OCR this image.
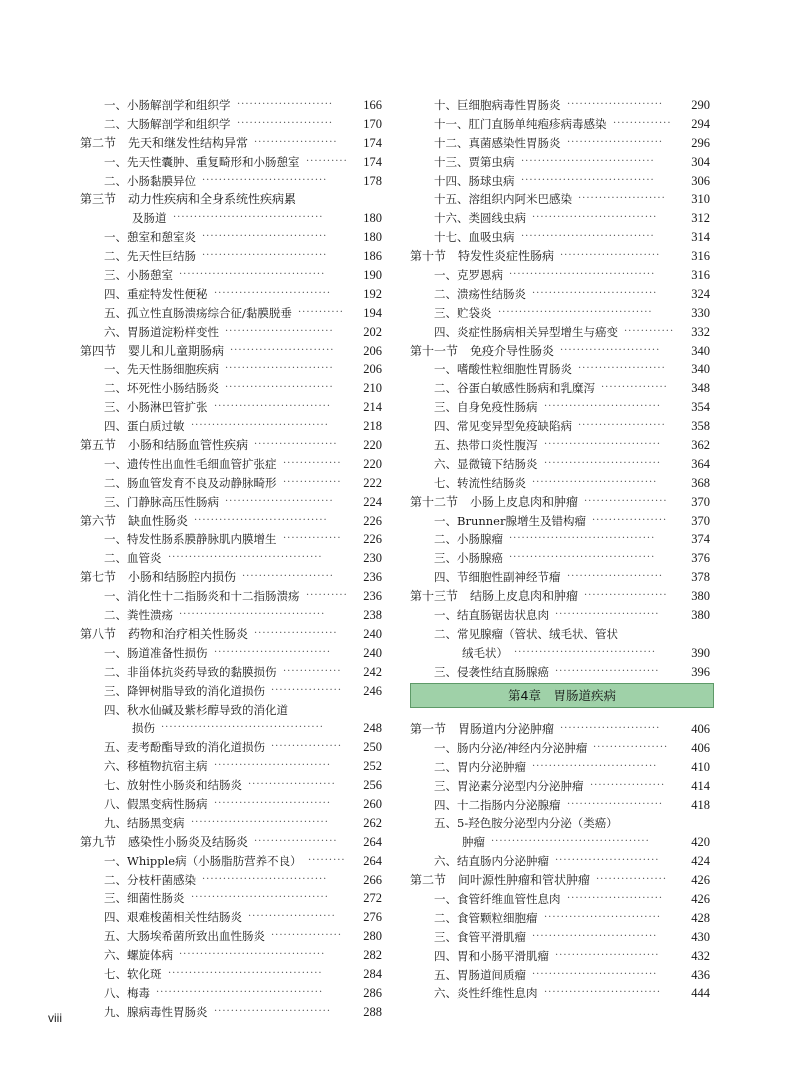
一、小肠解剖学和组织学	166
·······················
二、大肠解剖学和组织学	170
·······················
第二节　先天和继发性结构异常	174
····················
一、先天性囊肿、重复畸形和小肠憩室	174
··········
二、小肠黏膜异位	178
······························
第三节　动力性疾病和全身系统性疾病累
及肠道	180
····································
一、憩室和憩室炎	180
······························
二、先天性巨结肠	186
······························
三、小肠憩室	190
···································
四、重症特发性便秘	192
····························
五、孤立性直肠溃疡综合征/黏膜脱垂	194
···········
六、胃肠道淀粉样变性	202
··························
第四节　婴儿和儿童期肠病	206
·························
一、先天性肠细胞疾病	206
··························
二、坏死性小肠结肠炎	210
··························
三、小肠淋巴管扩张	214
····························
四、蛋白质过敏	218
·································
第五节　小肠和结肠血管性疾病	220
····················
一、遗传性出血性毛细血管扩张症	220
··············
二、肠血管发育不良及动静脉畸形	222
··············
三、门静脉高压性肠病	224
··························
第六节　缺血性肠炎	226
································
一、特发性肠系膜静脉肌内膜增生	226
··············
二、血管炎	230
·····································
第七节　小肠和结肠腔内损伤	236
······················
一、消化性十二指肠炎和十二指肠溃疡	236
··········
二、粪性溃疡	238
···································
第八节　药物和治疗相关性肠炎	240
····················
一、肠道准备性损伤	240
····························
二、非甾体抗炎药导致的黏膜损伤	242
··············
三、降钾树脂导致的消化道损伤	246
·················
四、秋水仙碱及紫杉醇导致的消化道
损伤	248
·······································
五、麦考酚酯导致的消化道损伤	250
·················
六、移植物抗宿主病	252
····························
七、放射性小肠炎和结肠炎	256
·····················
八、假黑变病性肠病	260
····························
九、结肠黑变病	262
·································
第九节　感染性小肠炎及结肠炎	264
····················
一、Whipple病（小肠脂肪营养不良）	264
·········
二、分枝杆菌感染	266
······························
三、细菌性肠炎	272
·································
四、艰难梭菌相关性结肠炎	276
·····················
五、大肠埃希菌所致出血性肠炎	280
·················
六、螺旋体病	282
···································
七、软化斑	284
·····································
八、梅毒	286
········································
九、腺病毒性胃肠炎	288
····························
十、巨细胞病毒性胃肠炎	290
·······················
十一、肛门直肠单纯疱疹病毒感染	294
··············
十二、真菌感染性胃肠炎	296
·······················
十三、贾第虫病	304
································
十四、肠球虫病	306
································
十五、溶组织内阿米巴感染	310
·····················
十六、类圆线虫病	312
······························
十七、血吸虫病	314
································
第十节　特发性炎症性肠病	316
························
一、克罗恩病	316
···································
二、溃疡性结肠炎	324
······························
三、贮袋炎	330
·····································
四、炎症性肠病相关异型增生与癌变	332
············
第十一节　免疫介导性肠炎	340
························
一、嗜酸性粒细胞性胃肠炎	340
·····················
二、谷蛋白敏感性肠病和乳糜泻	348
················
三、自身免疫性肠病	354
····························
四、常见变异型免疫缺陷病	358
·····················
五、热带口炎性腹泻	362
····························
六、显微镜下结肠炎	364
····························
七、转流性结肠炎	368
······························
第十二节　小肠上皮息肉和肿瘤	370
····················
一、Brunner腺增生及错构瘤	370
··················
二、小肠腺瘤	374
···································
三、小肠腺癌	376
···································
四、节细胞性副神经节瘤	378
·······················
第十三节　结肠上皮息肉和肿瘤	380
····················
一、结直肠锯齿状息肉	380
·························
二、常见腺瘤（管状、绒毛状、管状
绒毛状）	390
··································
三、侵袭性结直肠腺癌	396
·························
第4章　胃肠道疾病
第一节　胃肠道内分泌肿瘤	406
························
一、肠内分泌/神经内分泌肿瘤	406
··················
二、胃内分泌肿瘤	410
······························
三、胃泌素分泌型内分泌肿瘤	414
··················
四、十二指肠内分泌腺瘤	418
·······················
五、5-羟色胺分泌型内分泌（类癌）
肿瘤	420
······································
六、结直肠内分泌肿瘤	424
·························
第二节　间叶源性肿瘤和管状肿瘤	426
·················
一、食管纤维血管性息肉	426
·······················
二、食管颗粒细胞瘤	428
····························
三、食管平滑肌瘤	430
······························
四、胃和小肠平滑肌瘤	432
·························
五、胃肠道间质瘤	436
······························
六、炎性纤维性息肉	444
····························
viii
